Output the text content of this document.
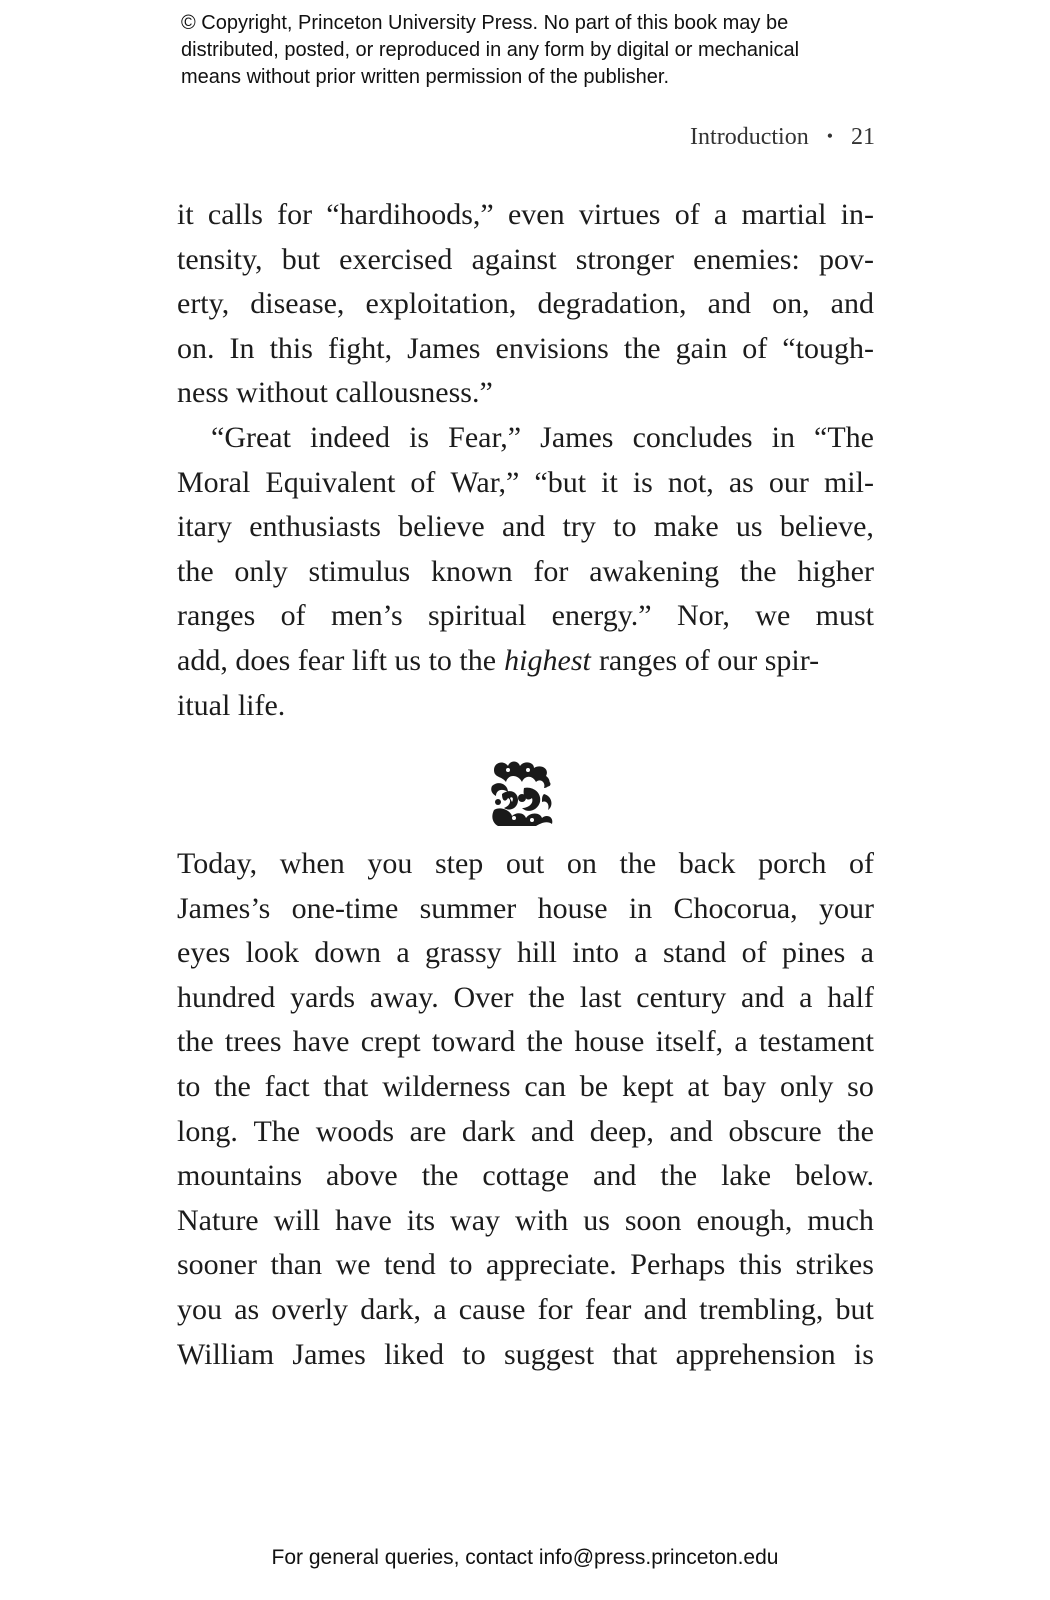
© Copyright, Princeton University Press. No part of this book may be
distributed, posted, or reproduced in any form by digital or mechanical
means without prior written permission of the publisher.
Introduction • 21
it calls for “hardihoods,” even virtues of a martial in-
tensity, but exercised against stronger enemies: pov-
erty, disease, exploitation, degradation, and on, and
on. In this fight, James envisions the gain of “tough-
ness without callousness.”
“Great indeed is Fear,” James concludes in “The
Moral Equivalent of War,” “but it is not, as our mil-
itary enthusiasts believe and try to make us believe,
the only stimulus known for awakening the higher
ranges of men’s spiritual energy.” Nor, we must
add, does fear lift us to the highest ranges of our spir-
itual life.
Today, when you step out on the back porch of
James’s one-time summer house in Chocorua, your
eyes look down a grassy hill into a stand of pines a
hundred yards away. Over the last century and a half
the trees have crept toward the house itself, a testament
to the fact that wilderness can be kept at bay only so
long. The woods are dark and deep, and obscure the
mountains above the cottage and the lake below.
Nature will have its way with us soon enough, much
sooner than we tend to appreciate. Perhaps this strikes
you as overly dark, a cause for fear and trembling, but
William James liked to suggest that apprehension is
For general queries, contact info@press.princeton.edu
